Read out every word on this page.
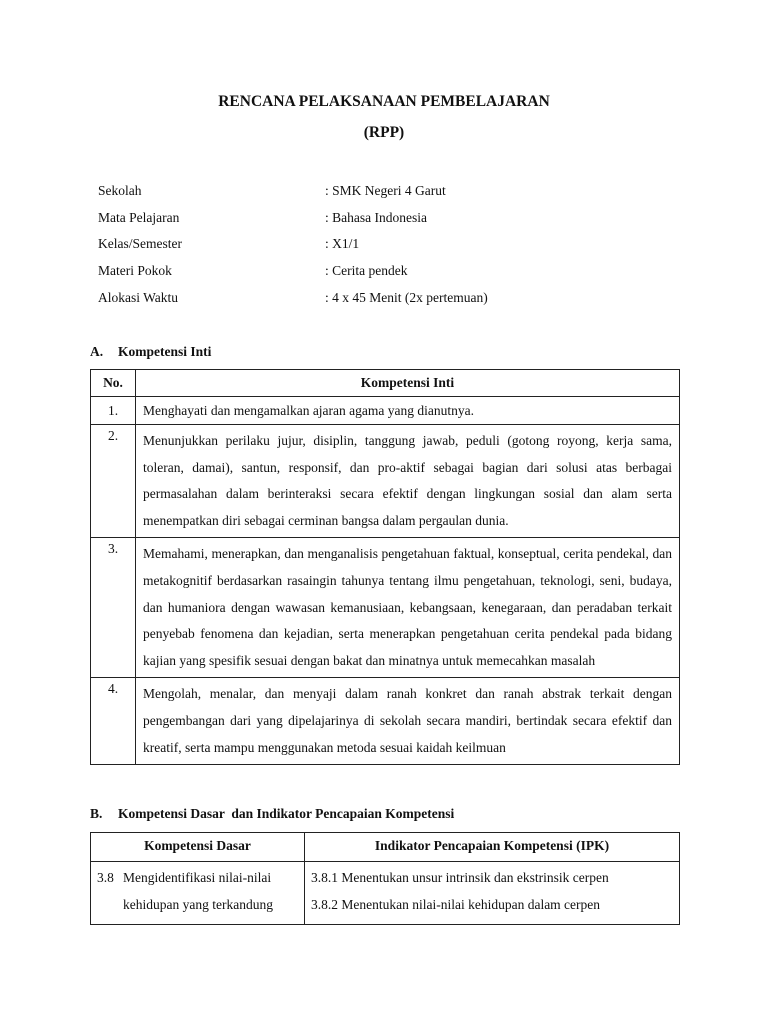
RENCANA PELAKSANAAN PEMBELAJARAN
(RPP)
Sekolah	: SMK Negeri 4 Garut
Mata Pelajaran	: Bahasa Indonesia
Kelas/Semester	: X1/1
Materi Pokok	: Cerita pendek
Alokasi Waktu	: 4 x 45 Menit (2x pertemuan)
A. Kompetensi Inti
No.	Kompetensi Inti
1.	Menghayati dan mengamalkan ajaran agama yang dianutnya.
2.	Menunjukkan perilaku jujur, disiplin, tanggung jawab, peduli (gotong royong, kerja sama, toleran, damai), santun, responsif, dan pro-aktif sebagai bagian dari solusi atas berbagai permasalahan dalam berinteraksi secara efektif dengan lingkungan sosial dan alam serta menempatkan diri sebagai cerminan bangsa dalam pergaulan dunia.
3.	Memahami, menerapkan, dan menganalisis pengetahuan faktual, konseptual, cerita pendekal, dan metakognitif berdasarkan rasaingin tahunya tentang ilmu pengetahuan, teknologi, seni, budaya, dan humaniora dengan wawasan kemanusiaan, kebangsaan, kenegaraan, dan peradaban terkait penyebab fenomena dan kejadian, serta menerapkan pengetahuan cerita pendekal pada bidang kajian yang spesifik sesuai dengan bakat dan minatnya untuk memecahkan masalah
4.	Mengolah, menalar, dan menyaji dalam ranah konkret dan ranah abstrak terkait dengan pengembangan dari yang dipelajarinya di sekolah secara mandiri, bertindak secara efektif dan kreatif, serta mampu menggunakan metoda sesuai kaidah keilmuan
B. Kompetensi Dasar  dan Indikator Pencapaian Kompetensi
Kompetensi Dasar	Indikator Pencapaian Kompetensi (IPK)

3.8 Mengidentifikasi nilai-nilai
kehidupan yang terkandung	3.8.1 Menentukan unsur intrinsik dan ekstrinsik cerpen
3.8.2 Menentukan nilai-nilai kehidupan dalam cerpen
